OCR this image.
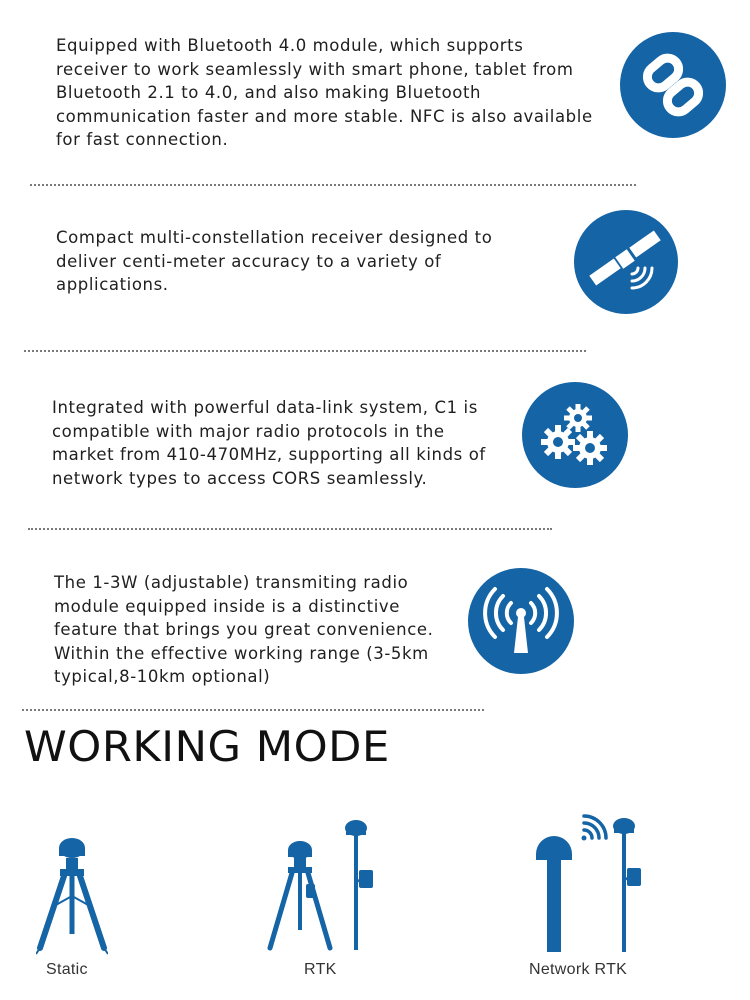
Equipped with Bluetooth 4.0 module, which supports
receiver to work seamlessly with smart phone, tablet from
Bluetooth 2.1 to 4.0, and also making Bluetooth
communication faster and more stable. NFC is also available
for fast connection.

Compact multi-constellation receiver designed to
deliver centi-meter accuracy to a variety of
applications.

Integrated with powerful data-link system, C1 is
compatible with major radio protocols in the
market from 410-470MHz, supporting all kinds of
network types to access CORS seamlessly.

The 1-3W (adjustable) transmiting radio
module equipped inside is a distinctive
feature that brings you great convenience.
Within the effective working range (3-5km
typical,8-10km optional)

WORKING MODE
Static	RTK	Network RTK
